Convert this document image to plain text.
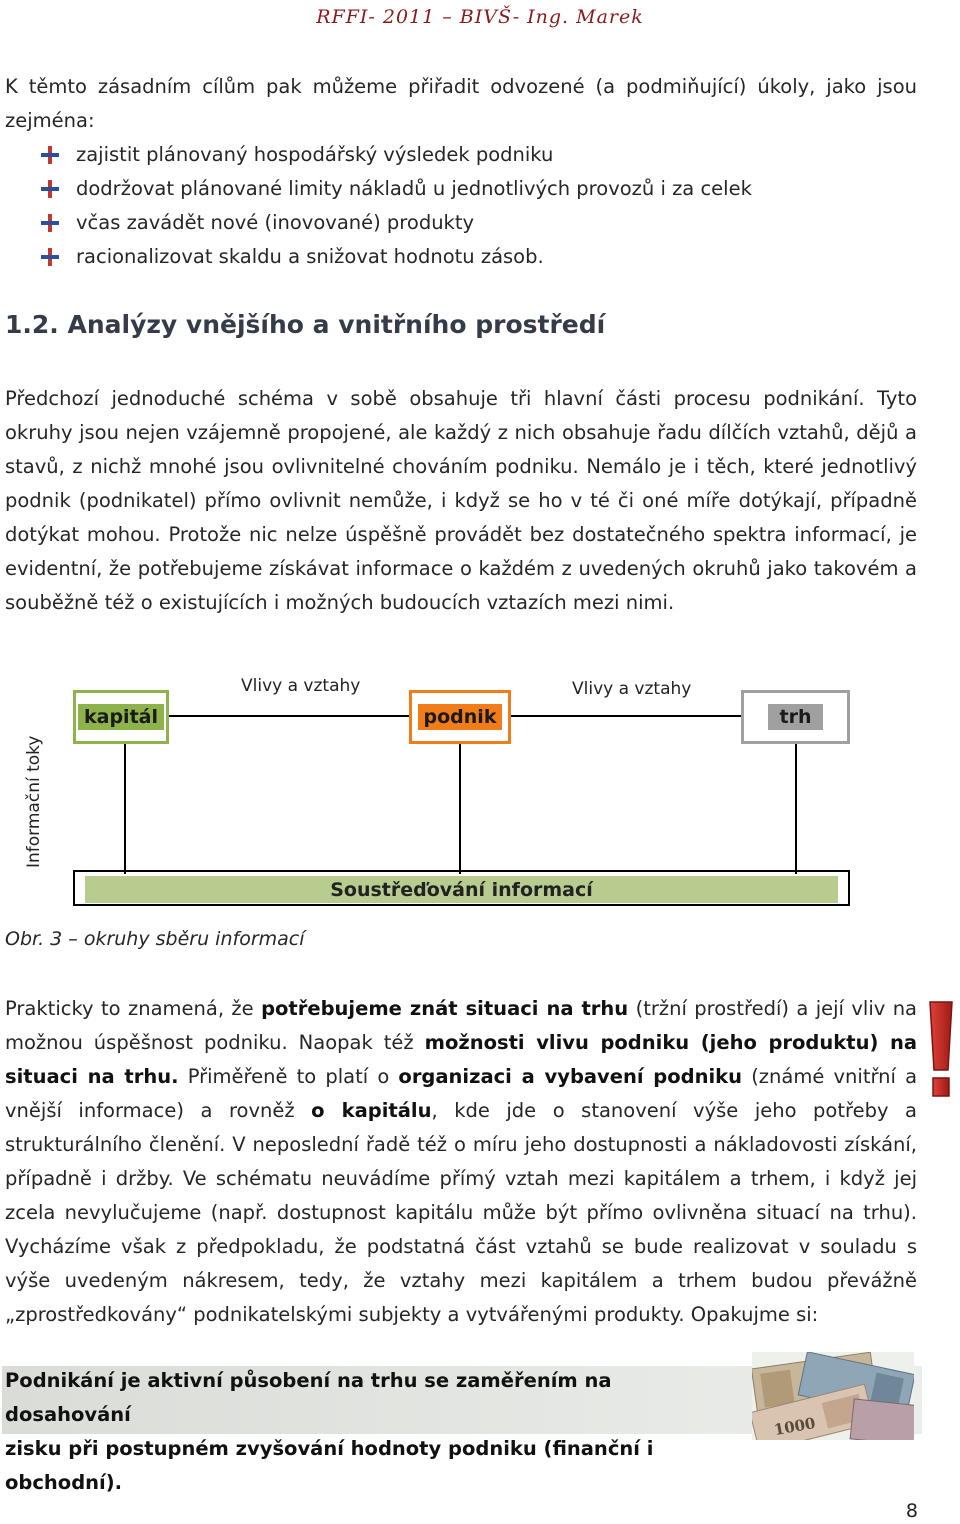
RFFI- 2011 – BIVŠ- Ing. Marek
K těmto zásadním cílům pak můžeme přiřadit odvozené (a podmiňující) úkoly, jako jsou zejména:
zajistit plánovaný hospodářský výsledek podniku
dodržovat plánované limity nákladů u jednotlivých provozů i za celek
včas zavádět nové (inovované) produkty
racionalizovat skaldu a snižovat hodnotu zásob.
1.2. Analýzy vnějšího a vnitřního prostředí
Předchozí jednoduché schéma v sobě obsahuje tři hlavní části procesu podnikání. Tyto okruhy jsou nejen vzájemně propojené, ale každý z nich obsahuje řadu dílčích vztahů, dějů a stavů, z nichž mnohé jsou ovlivnitelné chováním podniku. Nemálo je i těch, které jednotlivý podnik (podnikatel) přímo ovlivnit nemůže, i když se ho v té či oné míře dotýkají, případně dotýkat mohou. Protože nic nelze úspěšně provádět bez dostatečného spektra informací, je evidentní, že potřebujeme získávat informace o každém z uvedených okruhů jako takovém a souběžně též o existujících i možných budoucích vztazích mezi nimi.
Informační toky
Vlivy a vztahy	Vlivy a vztahy
kapitál	podnik	trh
Soustřeďování informací
Obr. 3 – okruhy sběru informací
Prakticky to znamená, že potřebujeme znát situaci na trhu (tržní prostředí) a její vliv na možnou úspěšnost podniku. Naopak též možnosti vlivu podniku (jeho produktu) na situaci na trhu. Přiměřeně to platí o organizaci a vybavení podniku (známé vnitřní a vnější informace) a rovněž o kapitálu, kde jde o stanovení výše jeho potřeby a strukturálního členění. V neposlední řadě též o míru jeho dostupnosti a nákladovosti získání, případně i držby. Ve schématu neuvádíme přímý vztah mezi kapitálem a trhem, i když jej zcela nevylučujeme (např. dostupnost kapitálu může být přímo ovlivněna situací na trhu). Vycházíme však z předpokladu, že podstatná část vztahů se bude realizovat v souladu s výše uvedeným nákresem, tedy, že vztahy mezi kapitálem a trhem budou převážně „zprostředkovány“ podnikatelskými subjekty a vytvářenými produkty. Opakujme si:
Podnikání je aktivní působení na trhu se zaměřením na dosahování
zisku při postupném zvyšování hodnoty podniku (finanční i obchodní).
1000
8
